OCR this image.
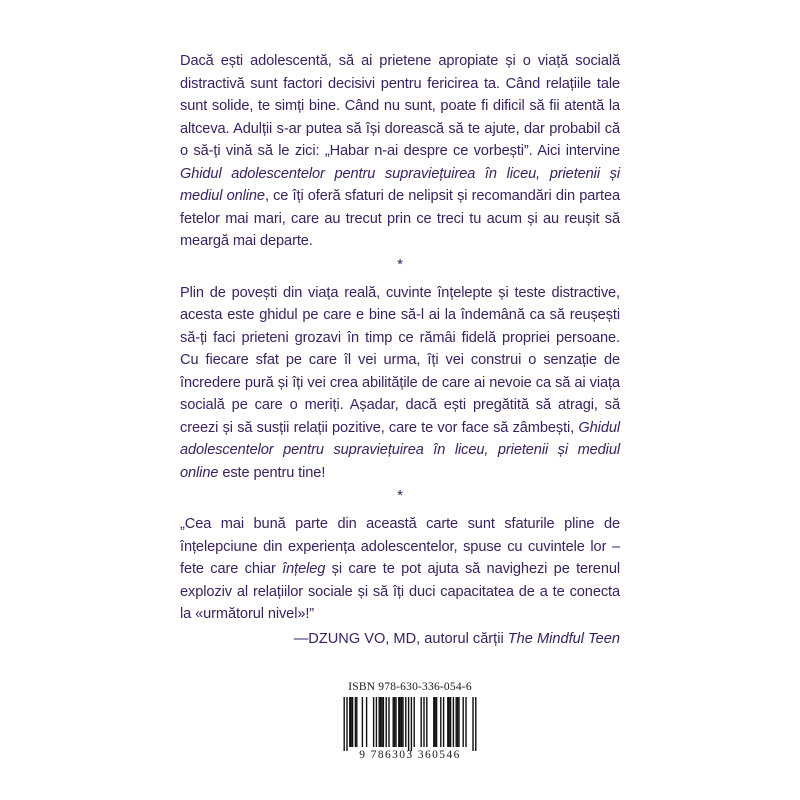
Dacă ești adolescentă, să ai prietene apropiate și o viață socială distractivă sunt factori decisivi pentru fericirea ta. Când relațiile tale sunt solide, te simți bine. Când nu sunt, poate fi dificil să fii atentă la altceva. Adulții s-ar putea să își dorească să te ajute, dar probabil că o să-ți vină să le zici: „Habar n-ai despre ce vorbești”. Aici intervine Ghidul adolescentelor pentru supraviețuirea în liceu, prietenii și mediul online, ce îți oferă sfaturi de nelipsit și recomandări din partea fetelor mai mari, care au trecut prin ce treci tu acum și au reușit să meargă mai departe.

*

Plin de povești din viața reală, cuvinte înțelepte și teste distractive, acesta este ghidul pe care e bine să-l ai la îndemână ca să reușești să-ți faci prieteni grozavi în timp ce rămâi fidelă propriei persoane. Cu fiecare sfat pe care îl vei urma, îți vei construi o senzație de încredere pură și îți vei crea abilitățile de care ai nevoie ca să ai viața socială pe care o meriți. Așadar, dacă ești pregătită să atragi, să creezi și să susții relații pozitive, care te vor face să zâmbești, Ghidul adolescentelor pentru supraviețuirea în liceu, prietenii și mediul online este pentru tine!

*

„Cea mai bună parte din această carte sunt sfaturile pline de înțelepciune din experiența adolescentelor, spuse cu cuvintele lor – fete care chiar înțeleg și care te pot ajuta să navighezi pe terenul exploziv al relațiilor sociale și să îți duci capacitatea de a te conecta la «următorul nivel»!”

—DZUNG VO, MD, autorul cărții The Mindful Teen

ISBN 978-630-336-054-6
9 786303 360546
